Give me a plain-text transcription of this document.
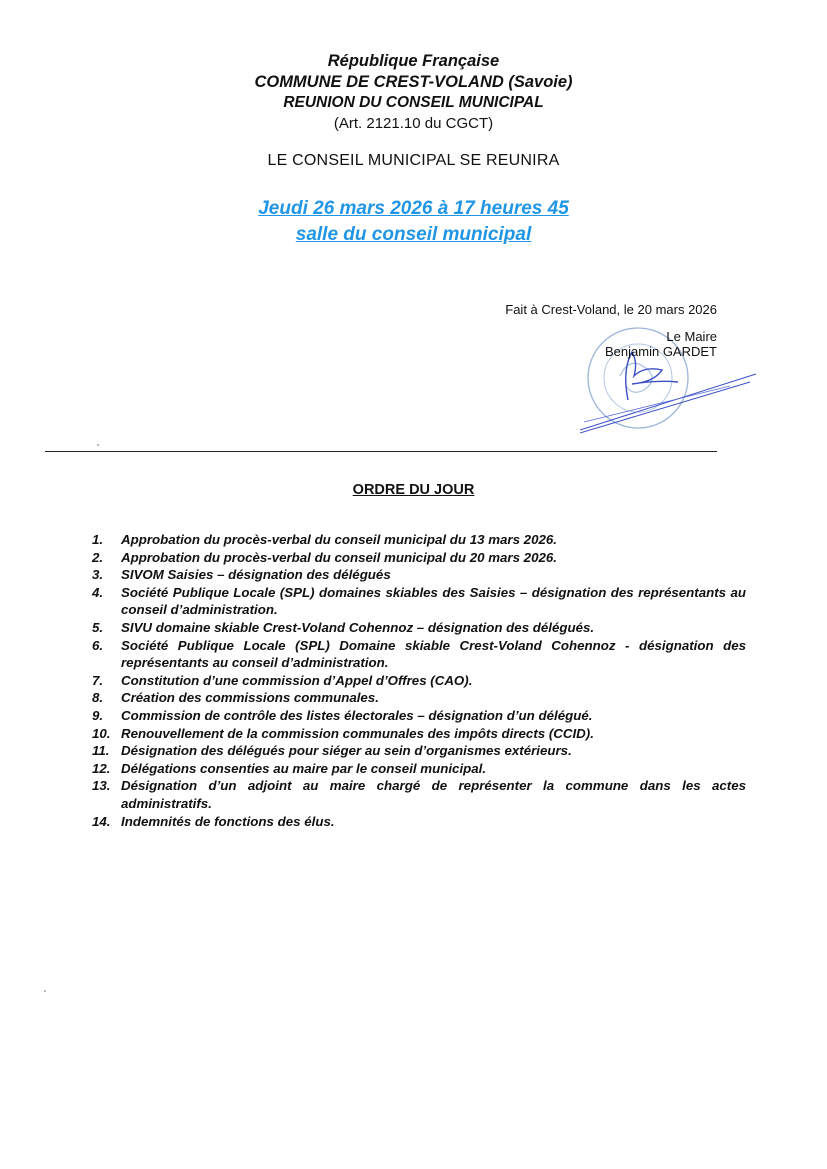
République Française
COMMUNE DE CREST-VOLAND (Savoie)
REUNION DU CONSEIL MUNICIPAL
(Art. 2121.10 du CGCT)
LE CONSEIL MUNICIPAL SE REUNIRA
Jeudi 26 mars 2026 à 17 heures 45
salle du conseil municipal
Fait à Crest-Voland, le 20 mars 2026
Le Maire
Benjamin GARDET
ORDRE DU JOUR
1.	Approbation du procès-verbal du conseil municipal du 13 mars 2026.
2.	Approbation du procès-verbal du conseil municipal du 20 mars 2026.
3.	SIVOM Saisies – désignation des délégués
4.	Société Publique Locale (SPL) domaines skiables des Saisies – désignation des représentants au conseil d’administration.
5.	SIVU domaine skiable Crest-Voland Cohennoz – désignation des délégués.
6.	Société Publique Locale (SPL) Domaine skiable Crest-Voland Cohennoz - désignation des représentants au conseil d’administration.
7.	Constitution d’une commission d’Appel d’Offres (CAO).
8.	Création des commissions communales.
9.	Commission de contrôle des listes électorales – désignation d’un délégué.
10. Renouvellement de la commission communales des impôts directs (CCID).
11. Désignation des délégués pour siéger au sein d’organismes extérieurs.
12. Délégations consenties au maire par le conseil municipal.
13. Désignation d’un adjoint au maire chargé de représenter la commune dans les actes administratifs.
14. Indemnités de fonctions des élus.
